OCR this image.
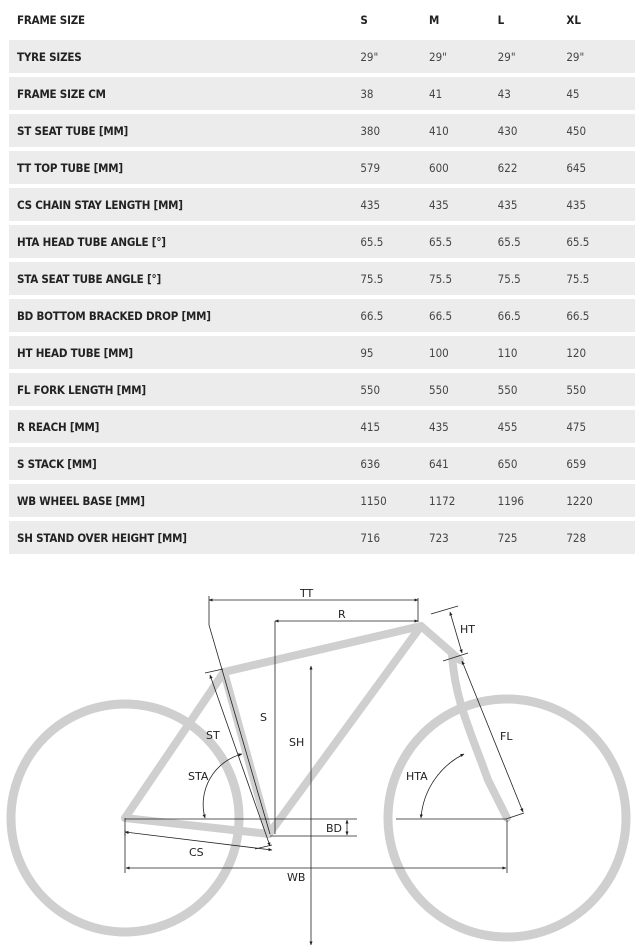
FRAME SIZE	S	M	L	XL
TYRE SIZES	29"	29"	29"	29"
FRAME SIZE CM	38	41	43	45
ST SEAT TUBE [MM]	380	410	430	450
TT TOP TUBE [MM]	579	600	622	645
CS CHAIN STAY LENGTH [MM]	435	435	435	435
HTA HEAD TUBE ANGLE [°]	65.5	65.5	65.5	65.5
STA SEAT TUBE ANGLE [°]	75.5	75.5	75.5	75.5
BD BOTTOM BRACKED DROP [MM]	66.5	66.5	66.5	66.5
HT HEAD TUBE [MM]	95	100	110	120
FL FORK LENGTH [MM]	550	550	550	550
R REACH [MM]	415	435	455	475
S STACK [MM]	636	641	650	659
WB WHEEL BASE [MM]	1150	1172	1196	1220
SH STAND OVER HEIGHT [MM]	716	723	725	728
TT
R
HT
S
SH
ST
STA	HTA
FL
BD
CS
WB
